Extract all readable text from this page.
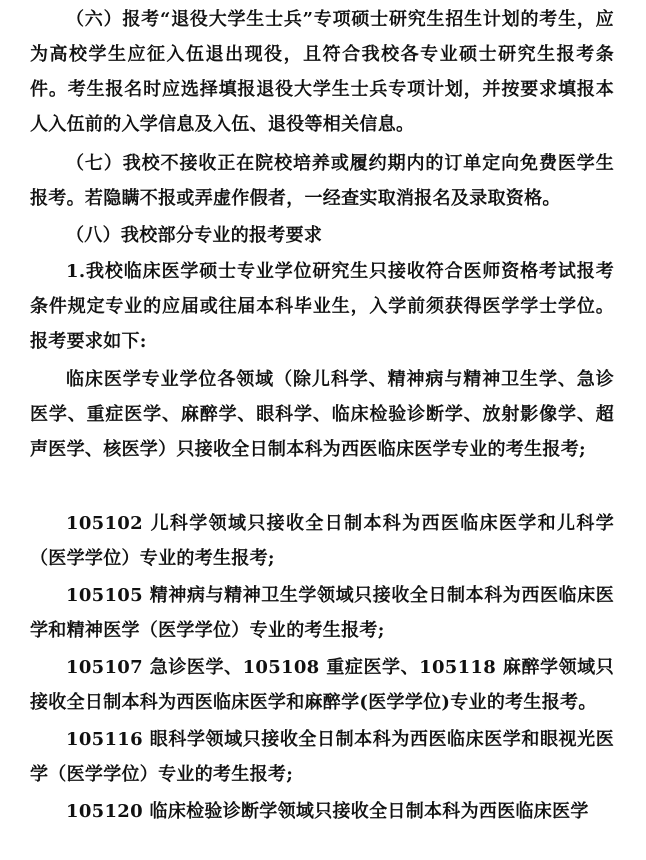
（六）报考“退役大学生士兵”专项硕士研究生招生计划的考生，应为高校学生应征入伍退出现役，且符合我校各专业硕士研究生报考条件。考生报名时应选择填报退役大学生士兵专项计划，并按要求填报本人入伍前的入学信息及入伍、退役等相关信息。

（七）我校不接收正在院校培养或履约期内的订单定向免费医学生报考。若隐瞒不报或弄虚作假者，一经查实取消报名及录取资格。

（八）我校部分专业的报考要求

1.我校临床医学硕士专业学位研究生只接收符合医师资格考试报考条件规定专业的应届或往届本科毕业生，入学前须获得医学学士学位。报考要求如下:

临床医学专业学位各领域（除儿科学、精神病与精神卫生学、急诊医学、重症医学、麻醉学、眼科学、临床检验诊断学、放射影像学、超声医学、核医学）只接收全日制本科为西医临床医学专业的考生报考;

105102 儿科学领域只接收全日制本科为西医临床医学和儿科学（医学学位）专业的考生报考;

105105 精神病与精神卫生学领域只接收全日制本科为西医临床医学和精神医学（医学学位）专业的考生报考;

105107 急诊医学、105108 重症医学、105118 麻醉学领域只接收全日制本科为西医临床医学和麻醉学(医学学位)专业的考生报考。

105116 眼科学领域只接收全日制本科为西医临床医学和眼视光医学（医学学位）专业的考生报考;

105120 临床检验诊断学领域只接收全日制本科为西医临床医学
